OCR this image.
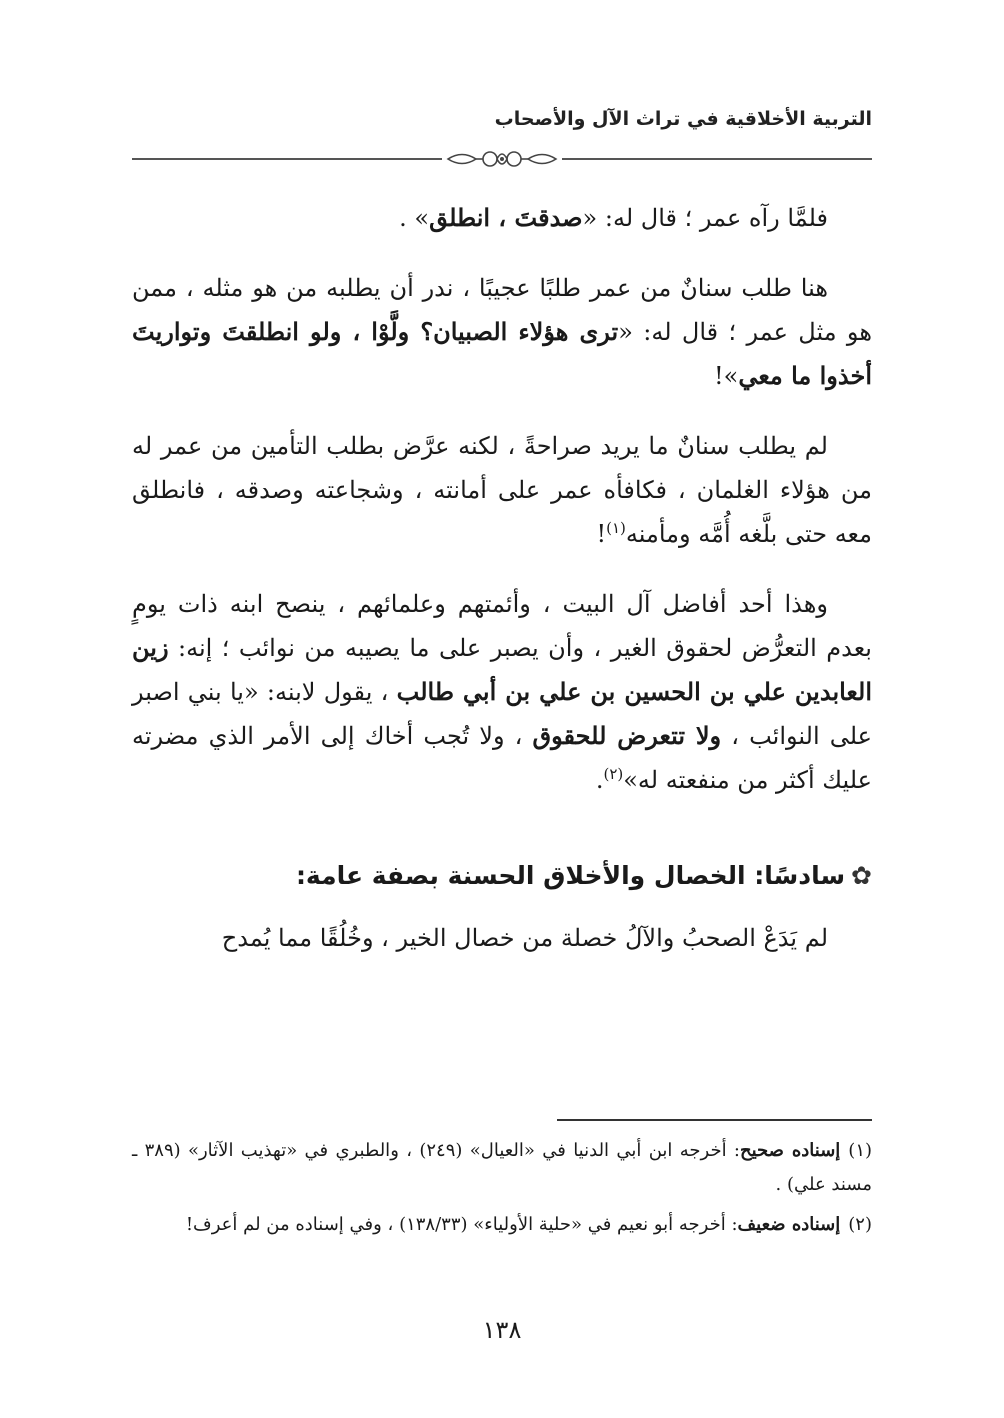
التربية الأخلاقية في تراث الآل والأصحاب

فلمَّا رآه عمر ؛ قال له: «صدقتَ ، انطلق» .

هنا طلب سنانٌ من عمر طلبًا عجيبًا ، ندر أن يطلبه من هو مثله ، ممن هو مثل عمر ؛ قال له: «ترى هؤلاء الصبيان؟ ولَّوْا ، ولو انطلقتَ وتواريتَ أخذوا ما معي»!

لم يطلب سنانٌ ما يريد صراحةً ، لكنه عرَّض بطلب التأمين من عمر له من هؤلاء الغلمان ، فكافأه عمر على أمانته ، وشجاعته وصدقه ، فانطلق معه حتى بلَّغه أُمَّه ومأمنه$^{(١)}$!

وهذا أحد أفاضل آل البيت ، وأئمتهم وعلمائهم ، ينصح ابنه ذات يومٍ بعدم التعرُّض لحقوق الغير ، وأن يصبر على ما يصيبه من نوائب ؛ إنه: زين العابدين علي بن الحسين بن علي بن أبي طالب ، يقول لابنه: «يا بني اصبر على النوائب ، ولا تتعرض للحقوق ، ولا تُجب أخاك إلى الأمر الذي مضرته عليك أكثر من منفعته له»$^{(٢)}$.

✿سادسًا: الخصال والأخلاق الحسنة بصفة عامة:

لم يَدَعْ الصحبُ والآلُ خصلة من خصال الخير ، وخُلُقًا مما يُمدح

(١)إسناده صحيح: أخرجه ابن أبي الدنيا في «العيال» (٢٤٩) ، والطبري في «تهذيب الآثار» (٣٨٩ ـ مسند علي) .

(٢)إسناده ضعيف: أخرجه أبو نعيم في «حلية الأولياء» (١٣٨/٣٣) ، وفي إسناده من لم أعرف!

١٣٨
